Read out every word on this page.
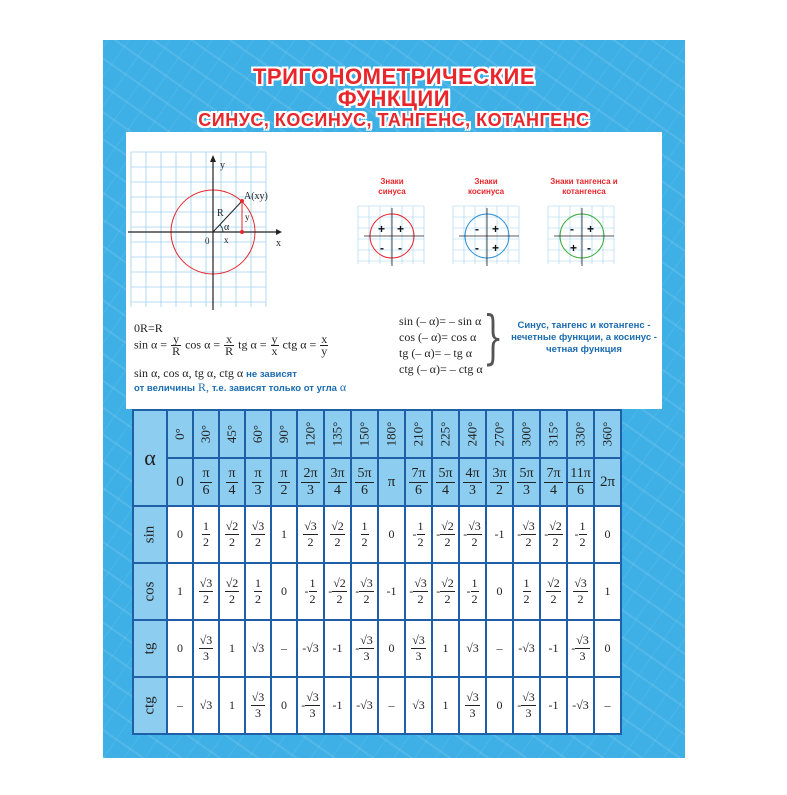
ТРИГОНОМЕТРИЧЕСКИЕ
ФУНКЦИИ
СИНУС, КОСИНУС, ТАНГЕНС, КОТАНГЕНС
y
x
A(xy)
R
α
0 x
y
+ +
- -
- +
- +
- +
+ -
Знаки
синуса
Знаки
косинуса
Знаки тангенса и
котангенса
0R=R
$\sin \alpha = \frac{y}{R}$ $\cos \alpha = \frac{x}{R}$ tg $\alpha = \frac{y}{x}$ ctg $\alpha = \frac{x}{y}$
sin α, cos α, tg α, ctg α не зависят
от величины R, т.е. зависят только от угла α
sin (– α)= – sin α
cos (– α)= cos α
tg (– α)= – tg α
ctg (– α)= – ctg α }	Синус, тангенс и котангенс - нечетные функции, а косинус - четная функция
α	0°	30°	45°	60°	90°	120°	135°	150°	180°	210°	225°	240°	270°	300°	315°	330°	360°
	0	$\frac{\pi}{6}$	$\frac{\pi}{4}$	$\frac{\pi}{3}$	$\frac{\pi}{2}$	$\frac{2\pi}{3}$	$\frac{3\pi}{4}$	$\frac{5\pi}{6}$	π	$\frac{7\pi}{6}$	$\frac{5\pi}{4}$	$\frac{4\pi}{3}$	$\frac{3\pi}{2}$	$\frac{5\pi}{3}$	$\frac{7\pi}{4}$	$\frac{11\pi}{6}$	2π
sin	0	$\frac{1}{2}$	$\frac{√2}{2}$	$\frac{√3}{2}$	1	$\frac{√3}{2}$	$\frac{√2}{2}$	$\frac{1}{2}$	0	- $\frac{1}{2}$	- $\frac{√2}{2}$	- $\frac{√3}{2}$	-1	- $\frac{√3}{2}$	- $\frac{√2}{2}$	- $\frac{1}{2}$	0
cos	1	$\frac{√3}{2}$	$\frac{√2}{2}$	$\frac{1}{2}$	0	- $\frac{1}{2}$	- $\frac{√2}{2}$	- $\frac{√3}{2}$	-1	- $\frac{√3}{2}$	- $\frac{√2}{2}$	- $\frac{1}{2}$	0	$\frac{1}{2}$	$\frac{√2}{2}$	$\frac{√3}{2}$	1
tg	0	$\frac{√3}{3}$	1	√3	–	-√3	-1	- $\frac{√3}{3}$	0	$\frac{√3}{3}$	1	√3	–	-√3	-1	- $\frac{√3}{3}$	0
ctg	–	√3	1	$\frac{√3}{3}$	0	- $\frac{√3}{3}$	-1	-√3	–	√3	1	$\frac{√3}{3}$	0	- $\frac{√3}{3}$	-1	-√3	–
